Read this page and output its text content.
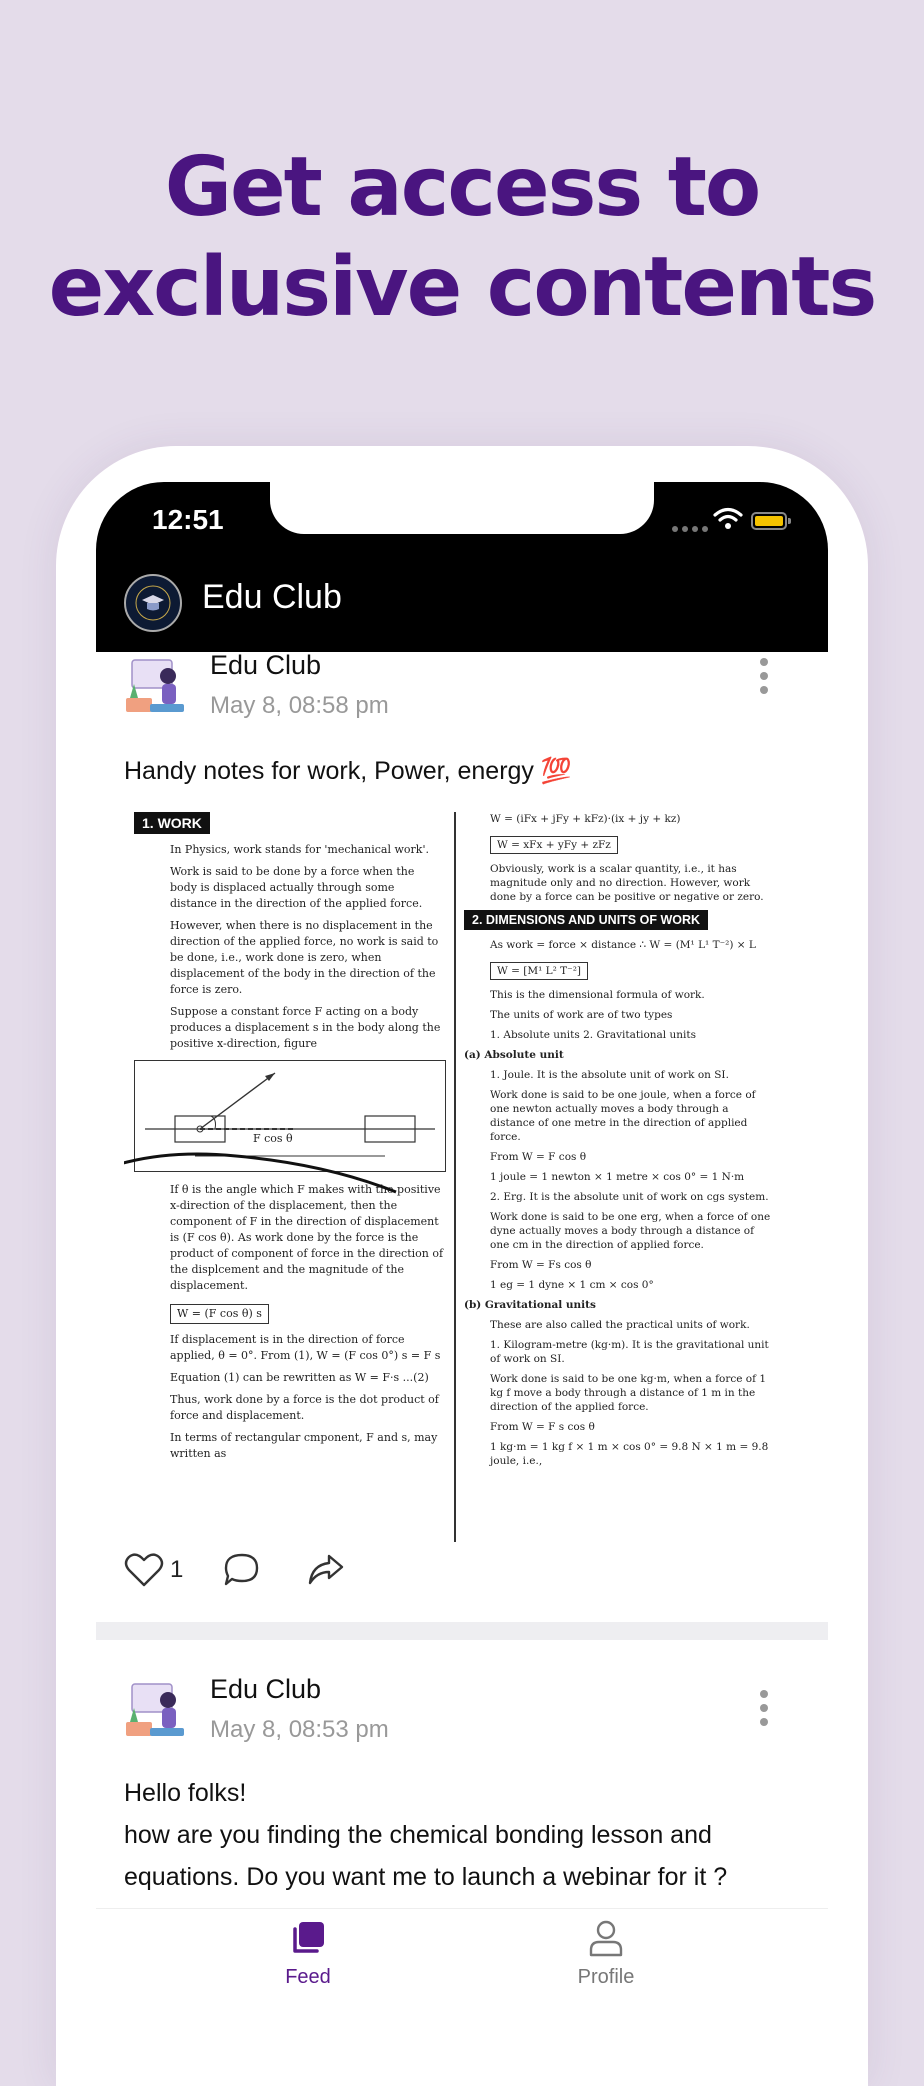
Get access to
exclusive contents
12:51
Edu Club
Edu Club
May 8, 08:58 pm
Handy notes for work, Power, energy 💯
1. WORK

In Physics, work stands for 'mechanical work'.

Work is said to be done by a force when the body is displaced actually through some distance in the direction of the applied force.

However, when there is no displacement in the direction of the applied force, no work is said to be done, i.e., work done is zero, when displacement of the body in the direction of the force is zero.

Suppose a constant force F acting on a body produces a displacement s in the body along the positive x-direction, figure

F cos θ

If θ is the angle which F makes with the positive x-direction of the displacement, then the component of F in the direction of displacement is (F cos θ). As work done by the force is the product of component of force in the direction of the displcement and the magnitude of the displacement.

W = (F cos θ) s

If displacement is in the direction of force applied, θ = 0°. From (1), W = (F cos 0°) s = F s

Equation (1) can be rewritten as W = F·s ...(2)

Thus, work done by a force is the dot product of force and displacement.

In terms of rectangular cmponent, F and s, may written as

W = (iFx + jFy + kFz)·(ix + jy + kz)

W = xFx + yFy + zFz

Obviously, work is a scalar quantity, i.e., it has magnitude only and no direction. However, work done by a force can be positive or negative or zero.

2. DIMENSIONS AND UNITS OF WORK

As work = force × distance ∴ W = (M¹ L¹ T⁻²) × L

W = [M¹ L² T⁻²]

This is the dimensional formula of work.

The units of work are of two types

1. Absolute units 2. Gravitational units

(a) Absolute unit

1. Joule. It is the absolute unit of work on SI.

Work done is said to be one joule, when a force of one newton actually moves a body through a distance of one metre in the direction of applied force.

From W = F cos θ

1 joule = 1 newton × 1 metre × cos 0° = 1 N·m

2. Erg. It is the absolute unit of work on cgs system.

Work done is said to be one erg, when a force of one dyne actually moves a body through a distance of one cm in the direction of applied force.

From W = Fs cos θ

1 eg = 1 dyne × 1 cm × cos 0°

(b) Gravitational units

These are also called the practical units of work.

1. Kilogram-metre (kg·m). It is the gravitational unit of work on SI.

Work done is said to be one kg·m, when a force of 1 kg f move a body through a distance of 1 m in the direction of the applied force.

From W = F s cos θ

1 kg·m = 1 kg f × 1 m × cos 0° = 9.8 N × 1 m = 9.8 joule, i.e.,

1
Edu Club
May 8, 08:53 pm
Hello folks!
how are you finding the chemical bonding lesson and equations. Do you want me to launch a webinar for it ?
Feed	Profile
